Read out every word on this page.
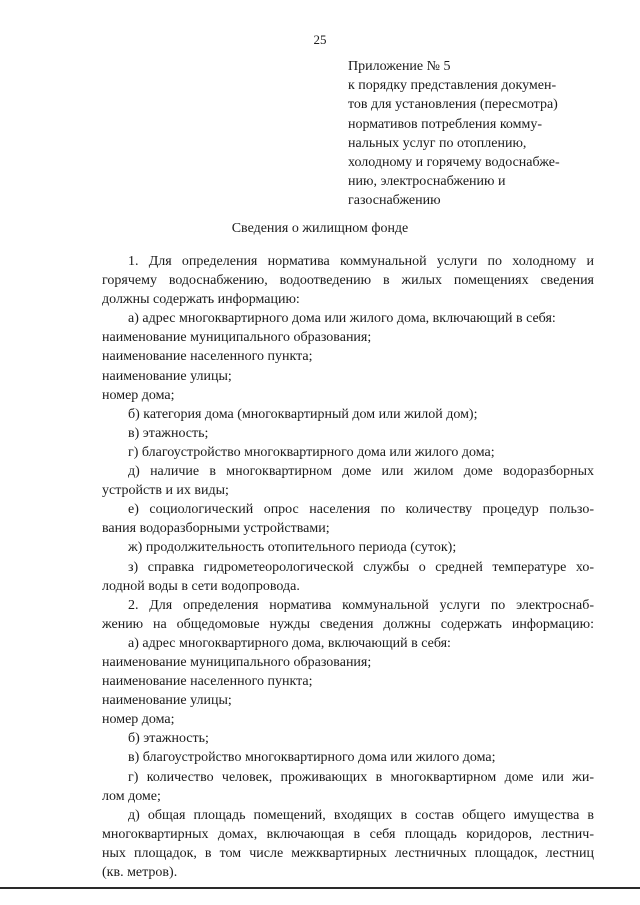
25
Приложение № 5
к порядку представления докумен-
тов для установления (пересмотра)
нормативов потребления комму-
нальных услуг по отоплению,
холодному и горячему водоснабже-
нию, электроснабжению и
газоснабжению
Сведения о жилищном фонде
1. Для определения норматива коммунальной услуги по холодному и
горячему водоснабжению, водоотведению в жилых помещениях сведения
должны содержать информацию:
а) адрес многоквартирного дома или жилого дома, включающий в себя:
наименование муниципального образования;
наименование населенного пункта;
наименование улицы;
номер дома;
б) категория дома (многоквартирный дом или жилой дом);
в) этажность;
г) благоустройство многоквартирного дома или жилого дома;
д) наличие в многоквартирном доме или жилом доме водоразборных
устройств и их виды;
е) социологический опрос населения по количеству процедур пользо-
вания водоразборными устройствами;
ж) продолжительность отопительного периода (суток);
з) справка гидрометеорологической службы о средней температуре хо-
лодной воды в сети водопровода.
2. Для определения норматива коммунальной услуги по электроснаб-
жению на общедомовые нужды сведения должны содержать информацию:
а) адрес многоквартирного дома, включающий в себя:
наименование муниципального образования;
наименование населенного пункта;
наименование улицы;
номер дома;
б) этажность;
в) благоустройство многоквартирного дома или жилого дома;
г) количество человек, проживающих в многоквартирном доме или жи-
лом доме;
д) общая площадь помещений, входящих в состав общего имущества в
многоквартирных домах, включающая в себя площадь коридоров, лестнич-
ных площадок, в том числе межквартирных лестничных площадок, лестниц
(кв. метров).
